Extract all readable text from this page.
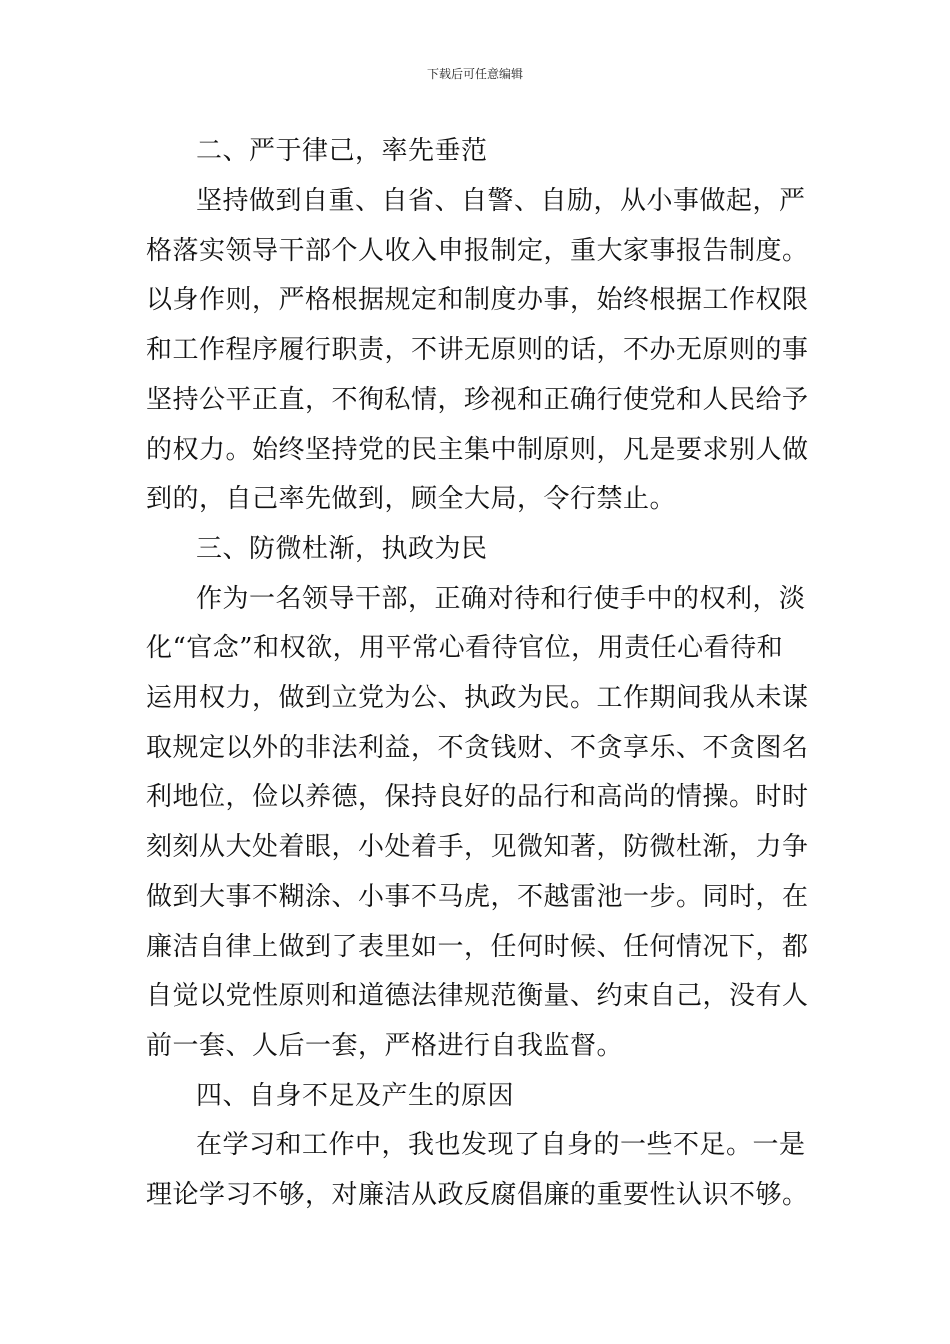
下载后可任意编辑
二、严于律己，率先垂范
坚持做到自重、自省、自警、自励，从小事做起，严
格落实领导干部个人收入申报制定，重大家事报告制度。
以身作则，严格根据规定和制度办事，始终根据工作权限
和工作程序履行职责，不讲无原则的话，不办无原则的事
坚持公平正直，不徇私情，珍视和正确行使党和人民给予
的权力。始终坚持党的民主集中制原则，凡是要求别人做
到的，自己率先做到，顾全大局，令行禁止。
三、防微杜渐，执政为民
作为一名领导干部，正确对待和行使手中的权利，淡
化“官念”和权欲，用平常心看待官位，用责任心看待和
运用权力，做到立党为公、执政为民。工作期间我从未谋
取规定以外的非法利益，不贪钱财、不贪享乐、不贪图名
利地位，俭以养德，保持良好的品行和高尚的情操。时时
刻刻从大处着眼，小处着手，见微知著，防微杜渐，力争
做到大事不糊涂、小事不马虎，不越雷池一步。同时，在
廉洁自律上做到了表里如一，任何时候、任何情况下，都
自觉以党性原则和道德法律规范衡量、约束自己，没有人
前一套、人后一套，严格进行自我监督。
四、自身不足及产生的原因
在学习和工作中，我也发现了自身的一些不足。一是
理论学习不够，对廉洁从政反腐倡廉的重要性认识不够。
